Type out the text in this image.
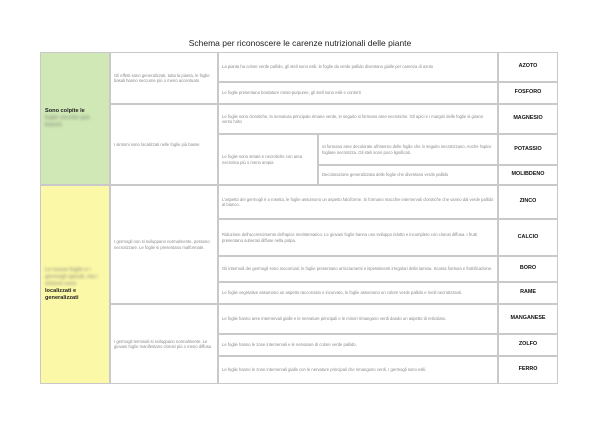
Schema per riconoscere le carenze nutrizionali delle piante
Sono colpite le
foglie vecchie (più basse)
Le nuove foglie e i germogli apicali, ma i sintomi sono
localizzati e generalizzati
Gli effetti sono generalizzati, tutta la pianta, le foglie basali hanno seccume più o meno accentuato
I sintomi sono localizzati nelle foglie più basse
I germogli non si sviluppano normalmente, possono necrotizzare. Le foglie si presentano malformate.
I germogli terminali si sviluppano normalmente. Le giovani foglie manifestano clorosi più o meno diffusa
La pianta ha colore verde pallido, gli steli sono esili, le foglie da verde pallido diventano gialle per carenza di azoto
Le foglie presentano bordature rosso-purpuree, gli steli sono esili e contorti
Le foglie sono clorotiche, la nervatura principale rimane verde, in seguito si formano aree necrotiche. Gli apici e i margini delle foglie si girano verso l'alto
Le foglie sono striate e necrotiche con area necrotica più o meno ampia
Si formano aree decolorate all'interno delle foglie che in seguito necrotizzano. Anche l'apice fogliare necrotizza. Gli steli sono poco lignificati.
Decolorazione generalizzata delle foglie che diventano verde pallido
L'aspetto dei germogli è a rosetta, le foglie assumono un aspetto falciforme. Si formano macchie internervali clorotiche che vanno dal verde pallido al bianco.
Riduzione dell'accrescimento dell'apice meristematico. Le giovani foglie hanno uno sviluppo ridotto e incompleto con clorosi diffusa. I frutti presentano suberosi diffuse nella polpa.
Gli internodi dei germogli sono raccorciati, le foglie presentano arricciamenti e ispessimenti irregolari della lamina. Scarsa fioritura e fruttificazione.
Le foglie vegetative assumono un aspetto raccorciato e incurvato, le foglie assumono un colore verde pallido e rivoli necrotizzanti.
Le foglie hanno aree internervali gialle e le nervature principali e le minori rimangono verdi dando un aspetto di reticolato.
Le foglie hanno le zone internervali e le nervature di colore verde pallido.
Le foglie hanno le zone internervali gialle con le nervature principali che rimangono verdi. I germogli sono esili.
AZOTO
FOSFORO
MAGNESIO
POTASSIO
MOLIBDENO
ZINCO
CALCIO
BORO
RAME
MANGANESE
ZOLFO
FERRO
